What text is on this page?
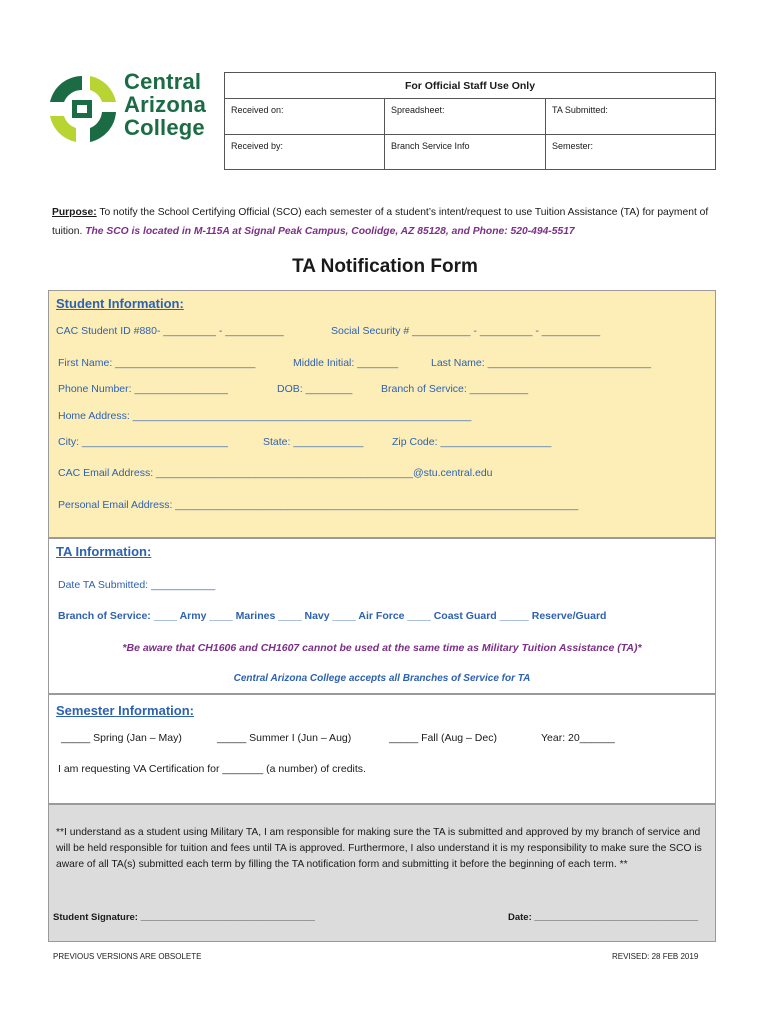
Central
Arizona
College
For Official Staff Use Only
Received on:	Spreadsheet:	TA Submitted:
Received by:	Branch Service Info	Semester:
Purpose: To notify the School Certifying Official (SCO) each semester of a student’s intent/request to use Tuition Assistance (TA) for payment of tuition. The SCO is located in M-115A at Signal Peak Campus, Coolidge, AZ 85128, and Phone: 520-494-5517
TA Notification Form
Student Information:
CAC Student ID #880- _________ - __________	Social Security # __________ - _________ - __________
First Name: ________________________	Middle Initial: _______	Last Name: ____________________________
Phone Number: ________________	DOB: ________	Branch of Service: __________
Home Address: __________________________________________________________
City: _________________________	State: ____________	Zip Code: ___________________
CAC Email Address: ____________________________________________@stu.central.edu
Personal Email Address: _____________________________________________________________________
TA Information:
Date TA Submitted: ___________
Branch of Service: ____ Army ____ Marines ____ Navy ____ Air Force ____ Coast Guard _____ Reserve/Guard
*Be aware that CH1606 and CH1607 cannot be used at the same time as Military Tuition Assistance (TA)*
Central Arizona College accepts all Branches of Service for TA
Semester Information:
_____ Spring (Jan – May)	_____ Summer I (Jun – Aug)	_____ Fall (Aug – Dec)	Year: 20______
I am requesting VA Certification for _______ (a number) of credits.
**I understand as a student using Military TA, I am responsible for making sure the TA is submitted and approved by my branch of service and will be held responsible for tuition and fees until TA is approved. Furthermore, I also understand it is my responsibility to make sure the SCO is aware of all TA(s) submitted each term by filling the TA notification form and submitting it before the beginning of each term. **
Student Signature: _________________________________	Date: _______________________________
PREVIOUS VERSIONS ARE OBSOLETE	REVISED: 28 FEB 2019
